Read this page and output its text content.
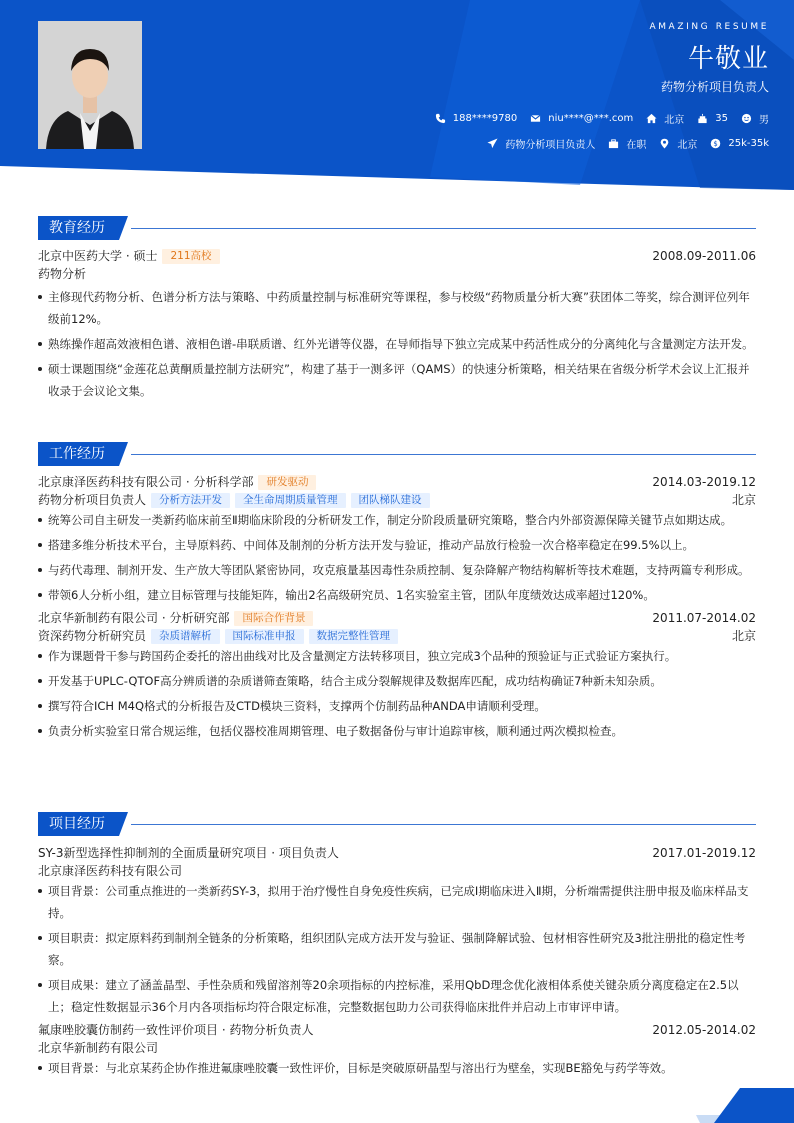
AMAZING RESUME
牛敬业
药物分析项目负责人
188****9780	niu****@***.com	北京	35	男
药物分析项目负责人	在职	北京 $ 25k-35k
教育经历
北京中医药大学 · 硕士	211高校	2008.09-2011.06
药物分析
主修现代药物分析、色谱分析方法与策略、中药质量控制与标准研究等课程，参与校级“药物质量分析大赛”获团体二等奖，综合测评位列年级前12%。
熟练操作超高效液相色谱、液相色谱-串联质谱、红外光谱等仪器，在导师指导下独立完成某中药活性成分的分离纯化与含量测定方法开发。
硕士课题围绕“金莲花总黄酮质量控制方法研究”，构建了基于一测多评（QAMS）的快速分析策略，相关结果在省级分析学术会议上汇报并收录于会议论文集。
工作经历
北京康泽医药科技有限公司 · 分析科学部	研发驱动	2014.03-2019.12
药物分析项目负责人	分析方法开发	全生命周期质量管理	团队梯队建设	北京
统筹公司自主研发一类新药临床前至Ⅱ期临床阶段的分析研发工作，制定分阶段质量研究策略，整合内外部资源保障关键节点如期达成。
搭建多维分析技术平台，主导原料药、中间体及制剂的分析方法开发与验证，推动产品放行检验一次合格率稳定在99.5%以上。
与药代毒理、制剂开发、生产放大等团队紧密协同，攻克痕量基因毒性杂质控制、复杂降解产物结构解析等技术难题，支持两篇专利形成。
带领6人分析小组，建立目标管理与技能矩阵，输出2名高级研究员、1名实验室主管，团队年度绩效达成率超过120%。
北京华新制药有限公司 · 分析研究部	国际合作背景	2011.07-2014.02
资深药物分析研究员	杂质谱解析	国际标准申报	数据完整性管理	北京
作为课题骨干参与跨国药企委托的溶出曲线对比及含量测定方法转移项目，独立完成3个品种的预验证与正式验证方案执行。
开发基于UPLC-QTOF高分辨质谱的杂质谱筛查策略，结合主成分裂解规律及数据库匹配，成功结构确证7种新未知杂质。
撰写符合ICH M4Q格式的分析报告及CTD模块三资料，支撑两个仿制药品种ANDA申请顺利受理。
负责分析实验室日常合规运维，包括仪器校准周期管理、电子数据备份与审计追踪审核，顺利通过两次模拟检查。
项目经历
SY-3新型选择性抑制剂的全面质量研究项目 · 项目负责人	2017.01-2019.12
北京康泽医药科技有限公司
项目背景：公司重点推进的一类新药SY-3，拟用于治疗慢性自身免疫性疾病，已完成Ⅰ期临床进入Ⅱ期，分析端需提供注册申报及临床样品支持。
项目职责：拟定原料药到制剂全链条的分析策略，组织团队完成方法开发与验证、强制降解试验、包材相容性研究及3批注册批的稳定性考察。
项目成果：建立了涵盖晶型、手性杂质和残留溶剂等20余项指标的内控标准，采用QbD理念优化液相体系使关键杂质分离度稳定在2.5以上；稳定性数据显示36个月内各项指标均符合限定标准，完整数据包助力公司获得临床批件并启动上市审评申请。
氟康唑胶囊仿制药一致性评价项目 · 药物分析负责人	2012.05-2014.02
北京华新制药有限公司
项目背景：与北京某药企协作推进氟康唑胶囊一致性评价，目标是突破原研晶型与溶出行为壁垒，实现BE豁免与药学等效。
